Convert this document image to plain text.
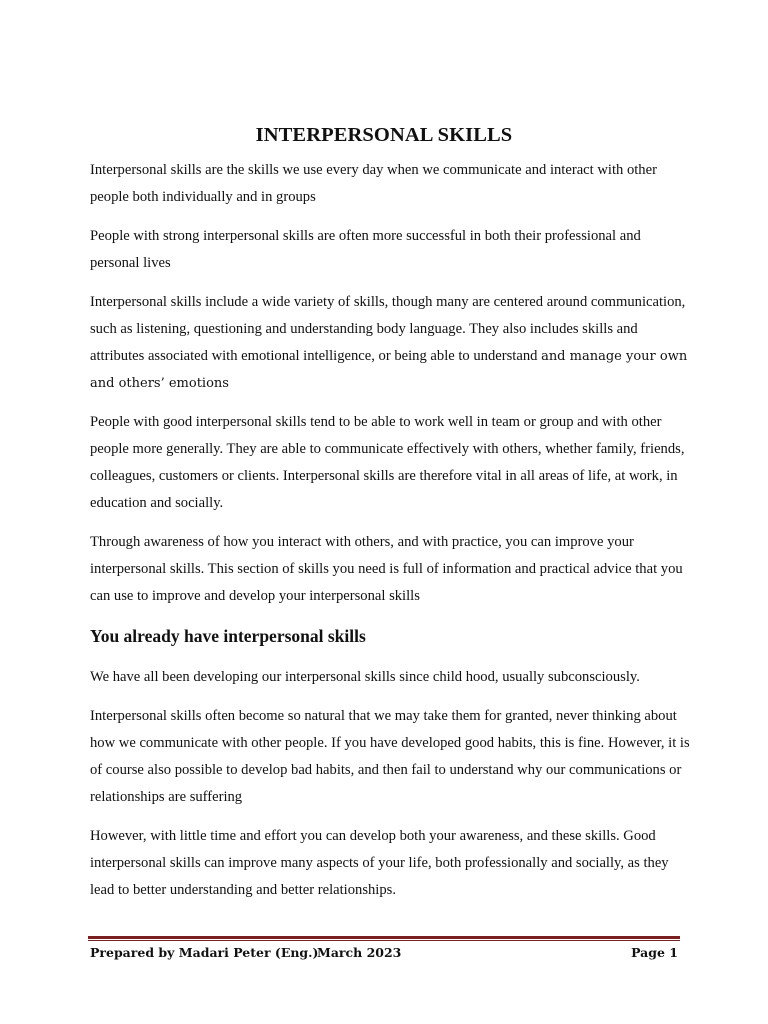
INTERPERSONAL SKILLS

Interpersonal skills are the skills we use every day when we communicate and interact with other people both individually and in groups

People with strong interpersonal skills are often more successful in both their professional and personal lives

Interpersonal skills include a wide variety of skills, though many are centered around communication, such as listening, questioning and understanding body language. They also includes skills and attributes associated with emotional intelligence, or being able to understand and manage your own and others’ emotions

People with good interpersonal skills tend to be able to work well in team or group and with other people more generally. They are able to communicate effectively with others, whether family, friends, colleagues, customers or clients. Interpersonal skills are therefore vital in all areas of life, at work, in education and socially.

Through awareness of how you interact with others, and with practice, you can improve your interpersonal skills. This section of skills you need is full of information and practical advice that you can use to improve and develop your interpersonal skills

You already have interpersonal skills

We have all been developing our interpersonal skills since child hood, usually subconsciously.

Interpersonal skills often become so natural that we may take them for granted, never thinking about how we communicate with other people. If you have developed good habits, this is fine. However, it is of course also possible to develop bad habits, and then fail to understand why our communications or relationships are suffering

However, with little time and effort you can develop both your awareness, and these skills. Good interpersonal skills can improve many aspects of your life, both professionally and socially, as they lead to better understanding and better relationships.

Prepared by Madari Peter (Eng.)
March 2023	Page 1
